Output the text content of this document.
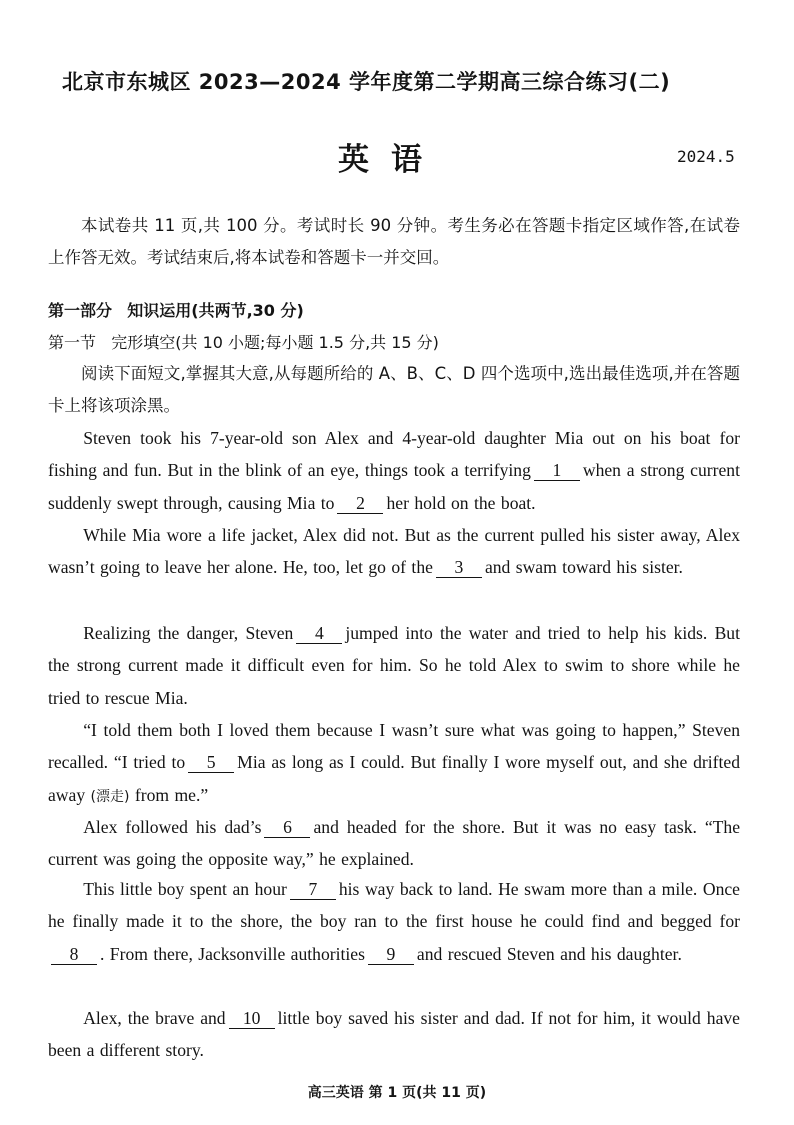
北京市东城区 2023—2024 学年度第二学期高三综合练习(二)
英语	2024.5

本试卷共 11 页,共 100 分。考试时长 90 分钟。考生务必在答题卡指定区域作答,在试卷上作答无效。考试结束后,将本试卷和答题卡一并交回。

第一部分 知识运用(共两节,30 分)
第一节 完形填空(共 10 小题;每小题 1.5 分,共 15 分)

阅读下面短文,掌握其大意,从每题所给的 A、B、C、D 四个选项中,选出最佳选项,并在答题卡上将该项涂黑。

Steven took his 7-year-old son Alex and 4-year-old daughter Mia out on his boat for fishing and fun. But in the blink of an eye, things took a terrifying 1 when a strong current suddenly swept through, causing Mia to 2 her hold on the boat.

While Mia wore a life jacket, Alex did not. But as the current pulled his sister away, Alex wasn’t going to leave her alone. He, too, let go of the 3 and swam toward his sister.

Realizing the danger, Steven 4 jumped into the water and tried to help his kids. But the strong current made it difficult even for him. So he told Alex to swim to shore while he tried to rescue Mia.

“I told them both I loved them because I wasn’t sure what was going to happen,” Steven recalled. “I tried to 5 Mia as long as I could. But finally I wore myself out, and she drifted away (漂走) from me.”

Alex followed his dad’s 6 and headed for the shore. But it was no easy task. “The current was going the opposite way,” he explained.

This little boy spent an hour 7 his way back to land. He swam more than a mile. Once he finally made it to the shore, the boy ran to the first house he could find and begged for8 . From there, Jacksonville authorities 9 and rescued Steven and his daughter.

Alex, the brave and 10 little boy saved his sister and dad. If not for him, it would have been a different story.

高三英语 第 1 页(共 11 页)
